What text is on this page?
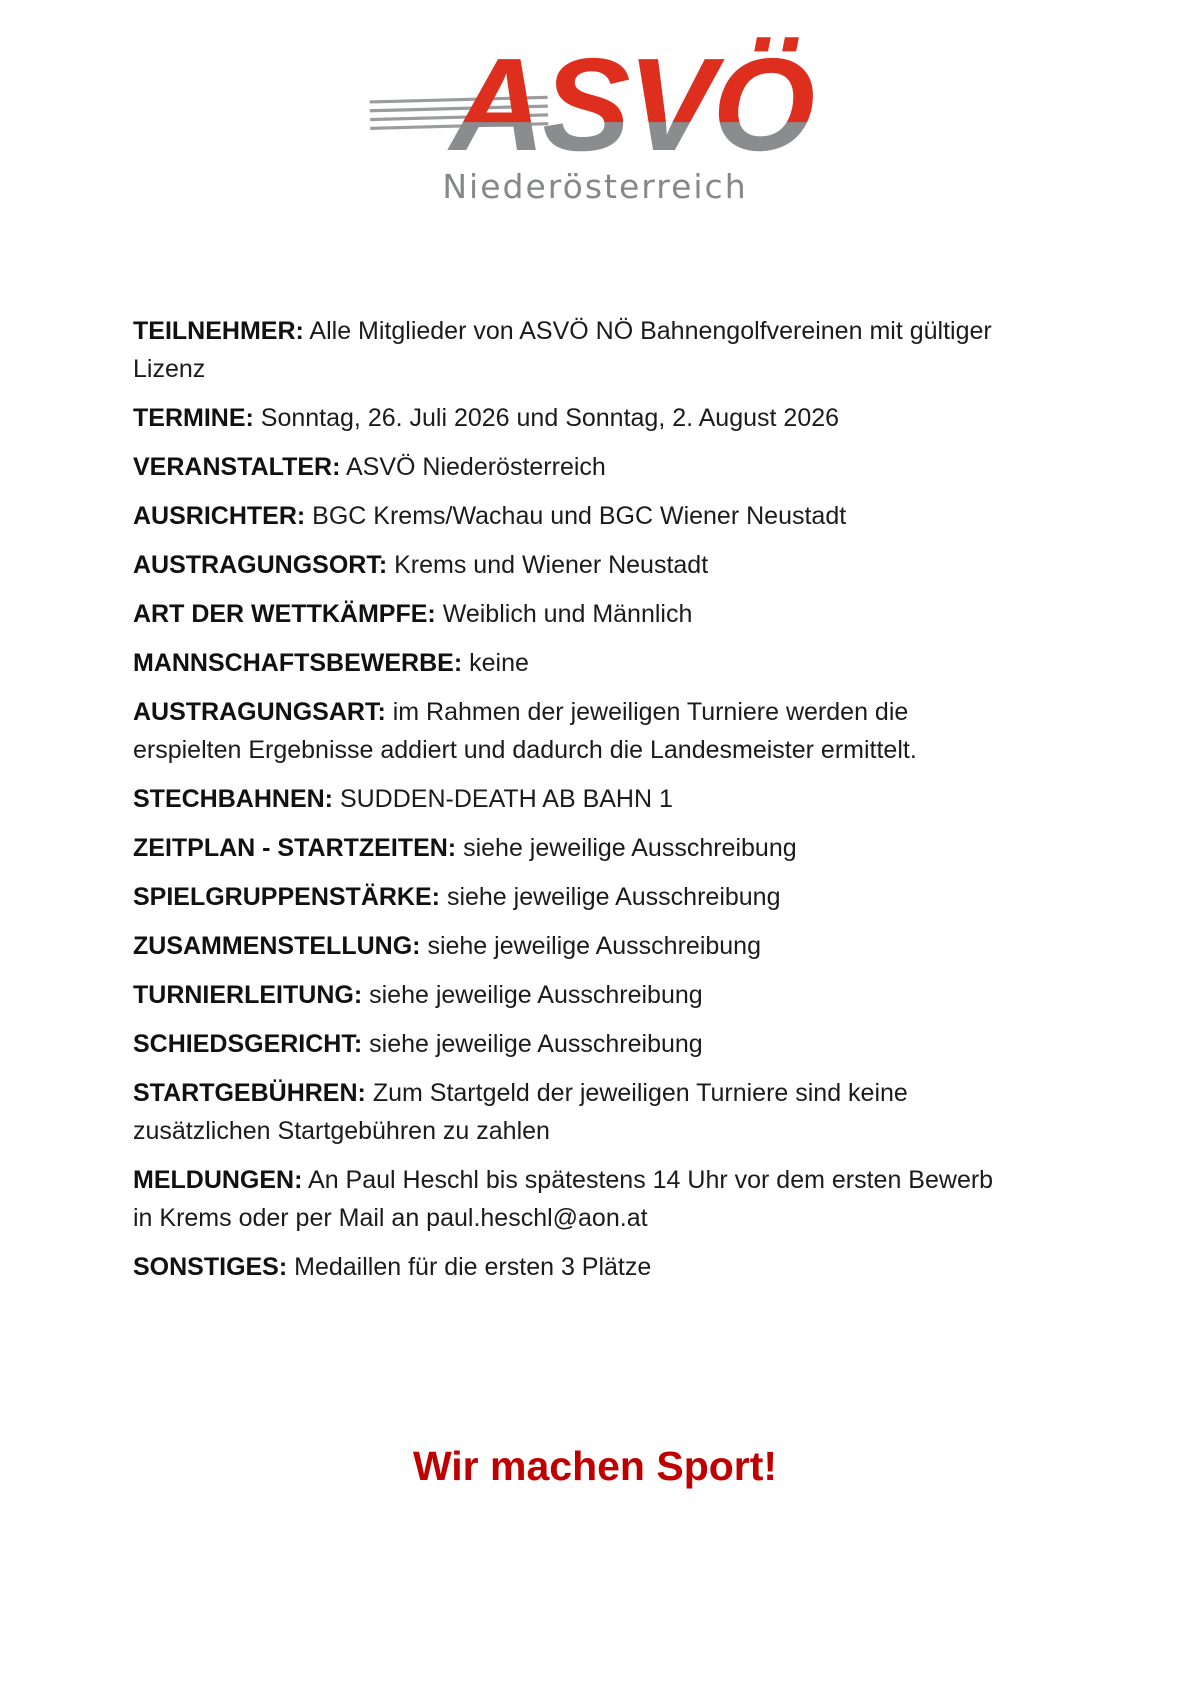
ASVÖ
Niederösterreich

TEILNEHMER: Alle Mitglieder von ASVÖ NÖ Bahnengolfvereinen mit gültiger Lizenz

TERMINE: Sonntag, 26. Juli 2026 und Sonntag, 2. August 2026

VERANSTALTER: ASVÖ Niederösterreich

AUSRICHTER: BGC Krems/Wachau und BGC Wiener Neustadt

AUSTRAGUNGSORT: Krems und Wiener Neustadt

ART DER WETTKÄMPFE: Weiblich und Männlich

MANNSCHAFTSBEWERBE: keine

AUSTRAGUNGSART: im Rahmen der jeweiligen Turniere werden die erspielten Ergebnisse addiert und dadurch die Landesmeister ermittelt.

STECHBAHNEN: SUDDEN-DEATH AB BAHN 1

ZEITPLAN - STARTZEITEN: siehe jeweilige Ausschreibung

SPIELGRUPPENSTÄRKE: siehe jeweilige Ausschreibung

ZUSAMMENSTELLUNG: siehe jeweilige Ausschreibung

TURNIERLEITUNG: siehe jeweilige Ausschreibung

SCHIEDSGERICHT: siehe jeweilige Ausschreibung

STARTGEBÜHREN: Zum Startgeld der jeweiligen Turniere sind keine zusätzlichen Startgebühren zu zahlen

MELDUNGEN: An Paul Heschl bis spätestens 14 Uhr vor dem ersten Bewerb in Krems oder per Mail an paul.heschl@aon.at

SONSTIGES: Medaillen für die ersten 3 Plätze

Wir machen Sport!
